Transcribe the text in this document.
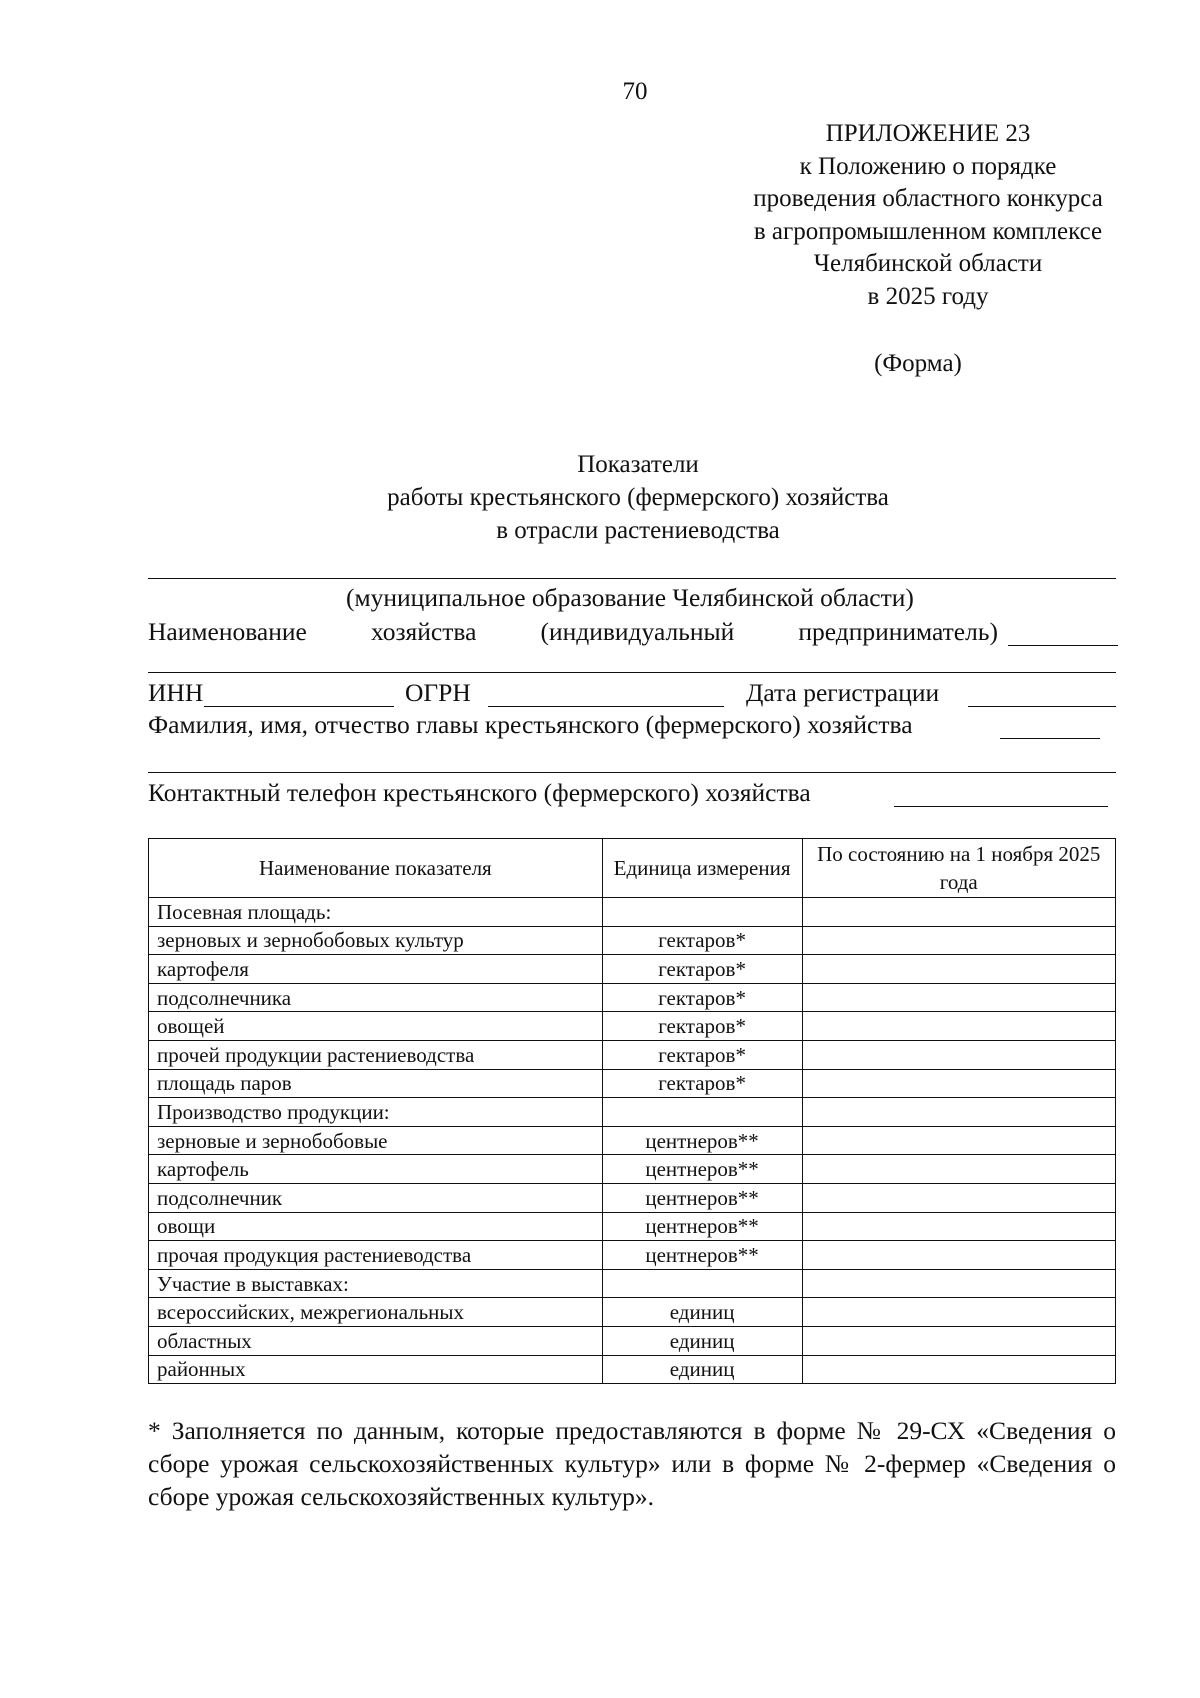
70
ПРИЛОЖЕНИЕ 23
к Положению о порядке
проведения областного конкурса
в агропромышленном комплексе
Челябинской области
в 2025 году
(Форма)
Показатели
работы крестьянского (фермерского) хозяйства
в отрасли растениеводства
(муниципальное образование Челябинской области)
Наименование	хозяйства	(индивидуальный	предприниматель)
ИНН	ОГРН	Дата регистрации
Фамилия, имя, отчество главы крестьянского (фермерского) хозяйства
Контактный телефон крестьянского (фермерского) хозяйства
Наименование показателя	Единица измерения	По состоянию на 1 ноября 2025 года
Посевная площадь:		
зерновых и зернобобовых культур	гектаров*	
картофеля	гектаров*	
подсолнечника	гектаров*	
овощей	гектаров*	
прочей продукции растениеводства	гектаров*	
площадь паров	гектаров*	
Производство продукции:		
зерновые и зернобобовые	центнеров**	
картофель	центнеров**	
подсолнечник	центнеров**	
овощи	центнеров**	
прочая продукция растениеводства	центнеров**	
Участие в выставках:		
всероссийских, межрегиональных	единиц	
областных	единиц	
районных	единиц	
* Заполняется по данным, которые предоставляются в форме № 29-СХ «Сведения о сборе урожая сельскохозяйственных культур» или в форме № 2-фермер «Сведения о сборе урожая сельскохозяйственных культур».
